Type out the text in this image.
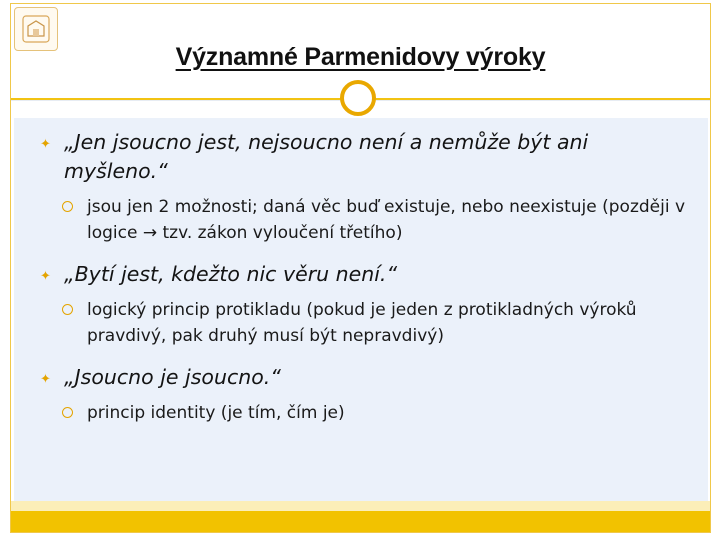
Významné Parmenidovy výroky
✦ „Jen jsoucno jest, nejsoucno není a nemůže být ani myšleno.“
jsou jen 2 možnosti; daná věc buď existuje, nebo neexistuje (později v logice → tzv. zákon vyloučení třetího)
✦ „Bytí jest, kdežto nic věru není.“
logický princip protikladu (pokud je jeden z protikladných výroků pravdivý, pak druhý musí být nepravdivý)
✦ „Jsoucno je jsoucno.“
princip identity (je tím, čím je)
